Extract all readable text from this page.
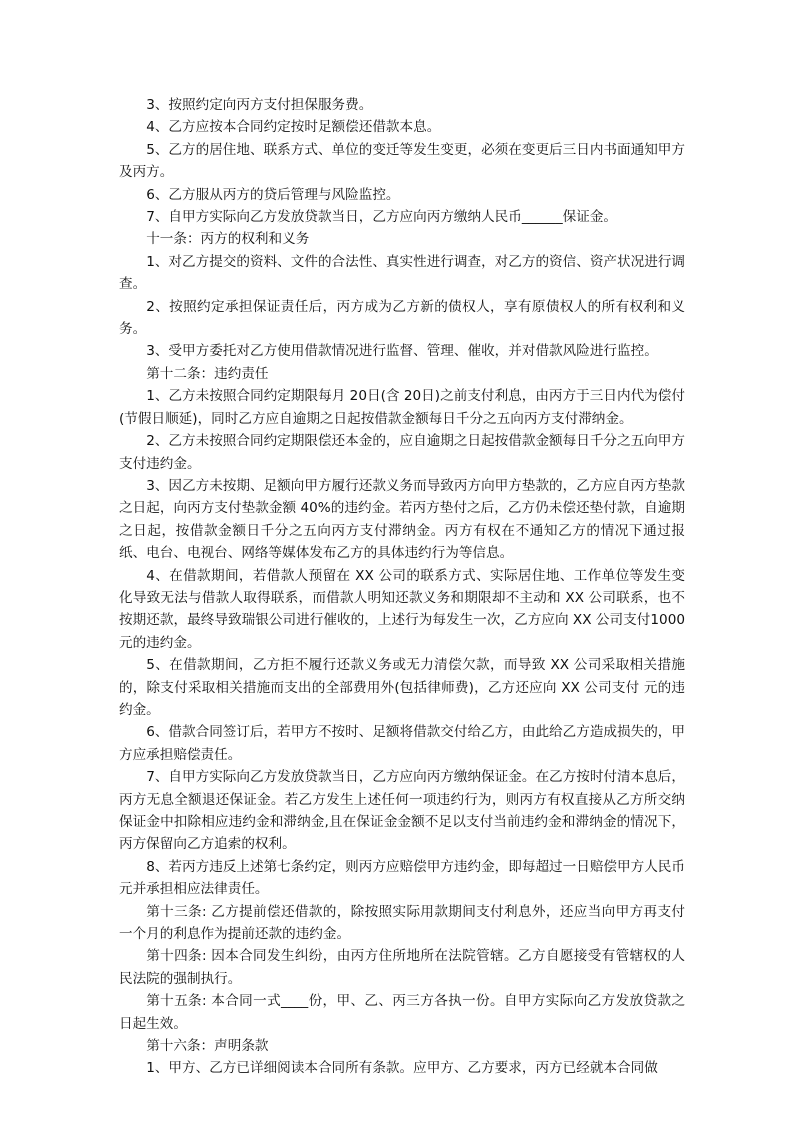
3、按照约定向丙方支付担保服务费。

4、乙方应按本合同约定按时足额偿还借款本息。

5、乙方的居住地、联系方式、单位的变迁等发生变更，必须在变更后三日内书面通知甲方及丙方。

6、乙方服从丙方的贷后管理与风险监控。

7、自甲方实际向乙方发放贷款当日，乙方应向丙方缴纳人民币______保证金。

十一条：丙方的权利和义务

1、对乙方提交的资料、文件的合法性、真实性进行调查，对乙方的资信、资产状况进行调查。

2、按照约定承担保证责任后，丙方成为乙方新的债权人，享有原债权人的所有权利和义务。

3、受甲方委托对乙方使用借款情况进行监督、管理、催收，并对借款风险进行监控。

第十二条：违约责任

1、乙方未按照合同约定期限每月 20日(含 20日)之前支付利息，由丙方于三日内代为偿付(节假日顺延)，同时乙方应自逾期之日起按借款金额每日千分之五向丙方支付滞纳金。

2、乙方未按照合同约定期限偿还本金的，应自逾期之日起按借款金额每日千分之五向甲方支付违约金。

3、因乙方未按期、足额向甲方履行还款义务而导致丙方向甲方垫款的，乙方应自丙方垫款之日起，向丙方支付垫款金额 40%的违约金。若丙方垫付之后，乙方仍未偿还垫付款，自逾期之日起，按借款金额日千分之五向丙方支付滞纳金。丙方有权在不通知乙方的情况下通过报纸、电台、电视台、网络等媒体发布乙方的具体违约行为等信息。

4、在借款期间，若借款人预留在 XX 公司的联系方式、实际居住地、工作单位等发生变化导致无法与借款人取得联系，而借款人明知还款义务和期限却不主动和 XX 公司联系，也不按期还款，最终导致瑞银公司进行催收的，上述行为每发生一次，乙方应向 XX 公司支付1000 元的违约金。

5、在借款期间，乙方拒不履行还款义务或无力清偿欠款，而导致 XX 公司采取相关措施的，除支付采取相关措施而支出的全部费用外(包括律师费)，乙方还应向 XX 公司支付 元的违约金。

6、借款合同签订后，若甲方不按时、足额将借款交付给乙方，由此给乙方造成损失的，甲方应承担赔偿责任。

7、自甲方实际向乙方发放贷款当日，乙方应向丙方缴纳保证金。在乙方按时付清本息后，丙方无息全额退还保证金。若乙方发生上述任何一项违约行为，则丙方有权直接从乙方所交纳保证金中扣除相应违约金和滞纳金,且在保证金金额不足以支付当前违约金和滞纳金的情况下，丙方保留向乙方追索的权利。

8、若丙方违反上述第七条约定，则丙方应赔偿甲方违约金，即每超过一日赔偿甲方人民币 元并承担相应法律责任。

第十三条: 乙方提前偿还借款的，除按照实际用款期间支付利息外，还应当向甲方再支付一个月的利息作为提前还款的违约金。

第十四条: 因本合同发生纠纷，由丙方住所地所在法院管辖。乙方自愿接受有管辖权的人民法院的强制执行。

第十五条: 本合同一式____份，甲、乙、丙三方各执一份。自甲方实际向乙方发放贷款之日起生效。

第十六条：声明条款

1、甲方、乙方已详细阅读本合同所有条款。应甲方、乙方要求，丙方已经就本合同做
